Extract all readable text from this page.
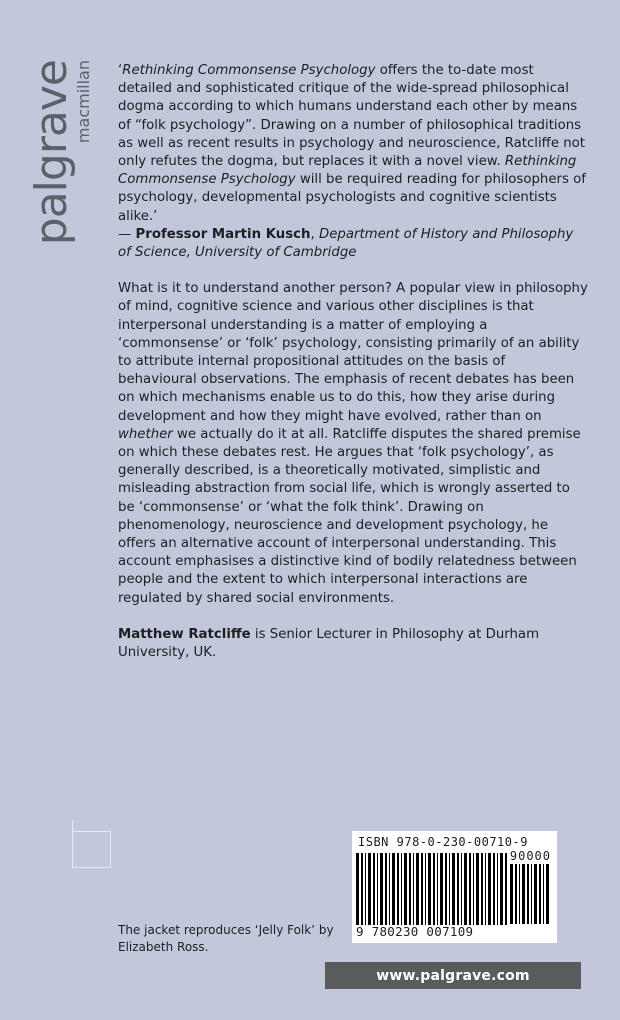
palgrave
macmillan ‘Rethinking Commonsense Psychology offers the to-date most detailed and sophisticated critique of the wide-spread philosophical dogma according to which humans understand each other by means of “folk psychology”. Drawing on a number of philosophical traditions as well as recent results in psychology and neuroscience, Ratcliffe not only refutes the dogma, but replaces it with a novel view. Rethinking Commonsense Psychology will be required reading for philosophers of psychology, developmental psychologists and cognitive scientists alike.’
— Professor Martin Kusch, Department of History and Philosophy of Science, University of Cambridge

What is it to understand another person? A popular view in philosophy of mind, cognitive science and various other disciplines is that interpersonal understanding is a matter of employing a ‘commonsense’ or ‘folk’ psychology, consisting primarily of an ability to attribute internal propositional attitudes on the basis of behavioural observations. The emphasis of recent debates has been on which mechanisms enable us to do this, how they arise during development and how they might have evolved, rather than on whether we actually do it at all. Ratcliffe disputes the shared premise on which these debates rest. He argues that ‘folk psychology’, as generally described, is a theoretically motivated, simplistic and misleading abstraction from social life, which is wrongly asserted to be ‘commonsense’ or ‘what the folk think’. Drawing on phenomenology, neuroscience and development psychology, he offers an alternative account of interpersonal understanding. This account emphasises a distinctive kind of bodily relatedness between people and the extent to which interpersonal interactions are regulated by shared social environments.

Matthew Ratcliffe is Senior Lecturer in Philosophy at Durham University, UK.

The jacket reproduces ‘Jelly Folk’ by Elizabeth Ross.
ISBN 978-0-230-00710-9
90000
9 780230 007109
www.palgrave.com
